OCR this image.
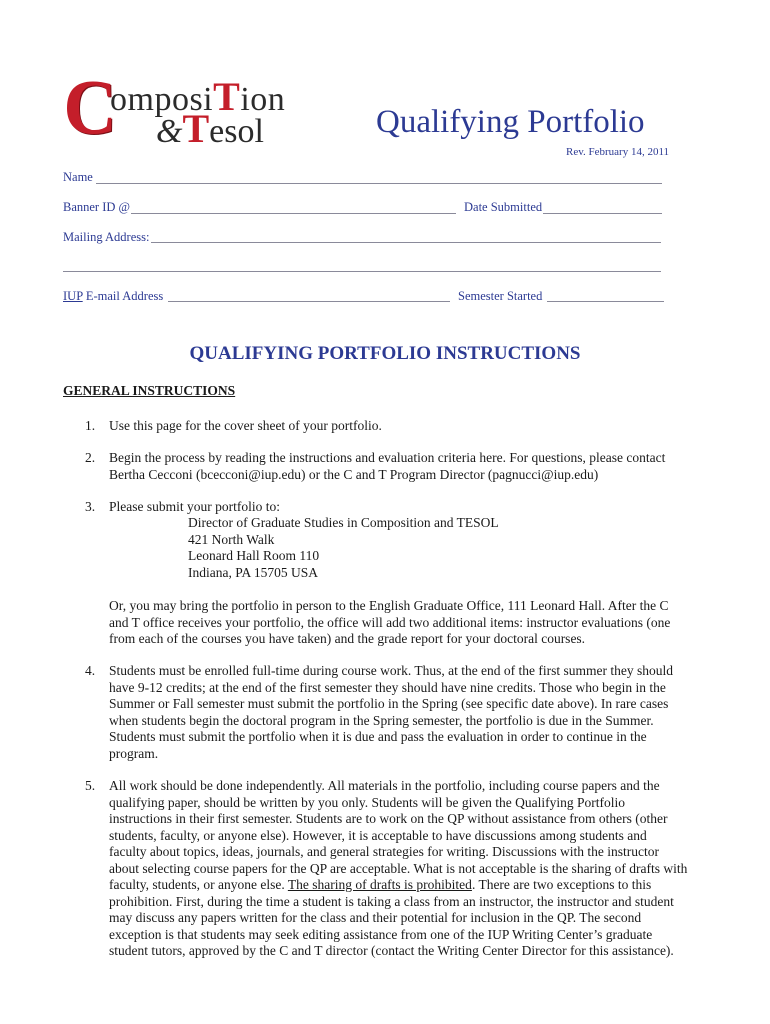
C
omposiTion
&Tesol	Qualifying Portfolio
Rev. February 14, 2011
Name
Banner ID @	Date Submitted
Mailing Address:
IUP E-mail Address	Semester Started
QUALIFYING PORTFOLIO INSTRUCTIONS
GENERAL INSTRUCTIONS
1. Use this page for the cover sheet of your portfolio.
2. Begin the process by reading the instructions and evaluation criteria here. For questions, please contact
Bertha Cecconi (bcecconi@iup.edu) or the C and T Program Director (pagnucci@iup.edu)
3. Please submit your portfolio to:
Director of Graduate Studies in Composition and TESOL
421 North Walk
Leonard Hall Room 110
Indiana, PA 15705 USA
Or, you may bring the portfolio in person to the English Graduate Office, 111 Leonard Hall. After the C
and T office receives your portfolio, the office will add two additional items: instructor evaluations (one
from each of the courses you have taken) and the grade report for your doctoral courses.
4. Students must be enrolled full-time during course work. Thus, at the end of the first summer they should
have 9-12 credits; at the end of the first semester they should have nine credits. Those who begin in the
Summer or Fall semester must submit the portfolio in the Spring (see specific date above). In rare cases
when students begin the doctoral program in the Spring semester, the portfolio is due in the Summer.
Students must submit the portfolio when it is due and pass the evaluation in order to continue in the
program.
5. All work should be done independently. All materials in the portfolio, including course papers and the
qualifying paper, should be written by you only. Students will be given the Qualifying Portfolio
instructions in their first semester. Students are to work on the QP without assistance from others (other
students, faculty, or anyone else). However, it is acceptable to have discussions among students and
faculty about topics, ideas, journals, and general strategies for writing. Discussions with the instructor
about selecting course papers for the QP are acceptable. What is not acceptable is the sharing of drafts with
faculty, students, or anyone else. The sharing of drafts is prohibited. There are two exceptions to this
prohibition. First, during the time a student is taking a class from an instructor, the instructor and student
may discuss any papers written for the class and their potential for inclusion in the QP. The second
exception is that students may seek editing assistance from one of the IUP Writing Center’s graduate
student tutors, approved by the C and T director (contact the Writing Center Director for this assistance).
